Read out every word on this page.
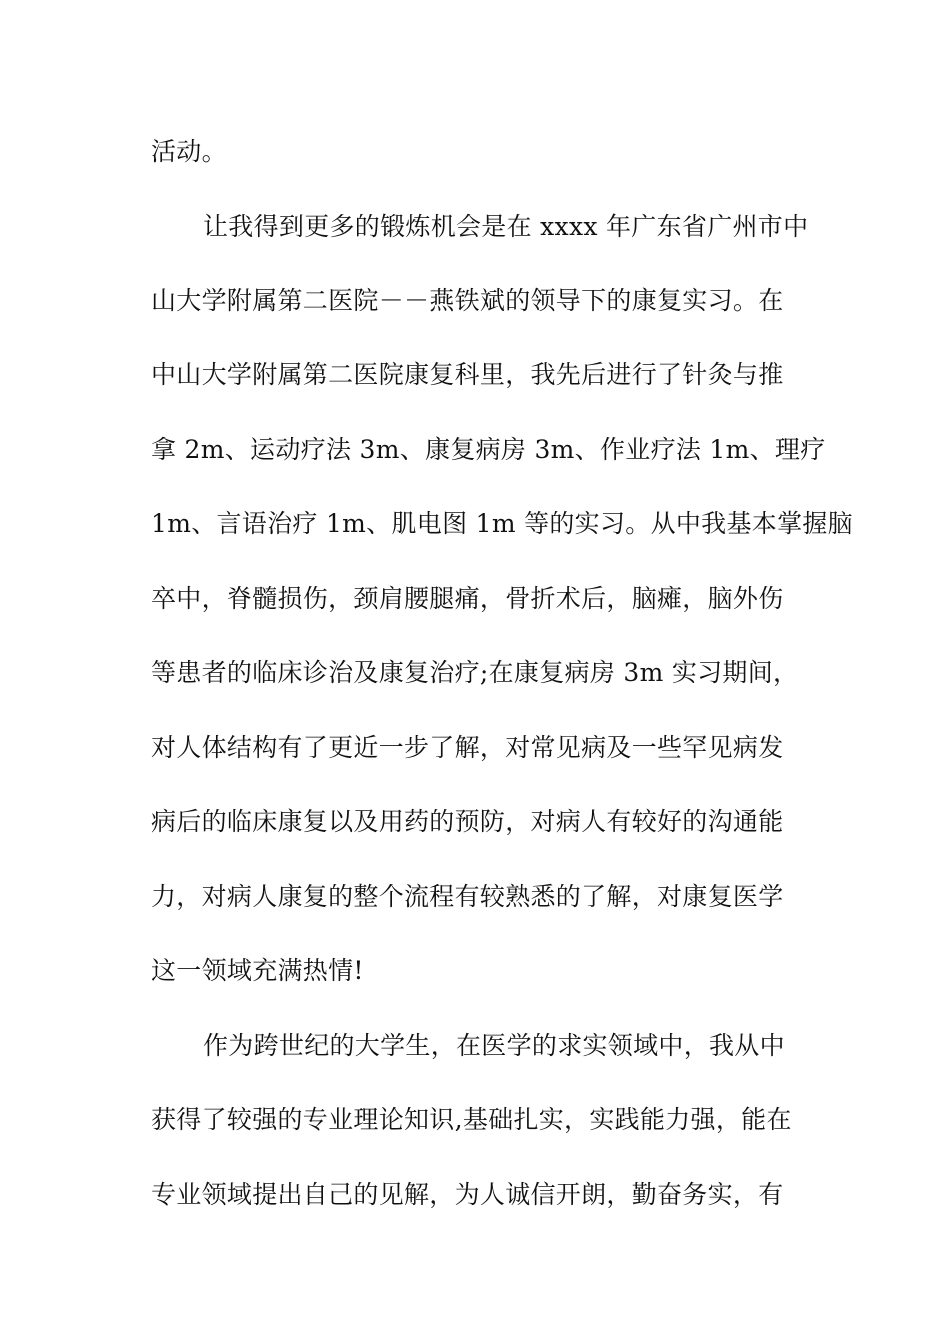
活动。
让我得到更多的锻炼机会是在 xxxx 年广东省广州市中
山大学附属第二医院－－燕铁斌的领导下的康复实习。在
中山大学附属第二医院康复科里，我先后进行了针灸与推
拿 2m、运动疗法 3m、康复病房 3m、作业疗法 1m、理疗
1m、言语治疗 1m、肌电图 1m 等的实习。从中我基本掌握脑
卒中，脊髓损伤，颈肩腰腿痛，骨折术后，脑瘫，脑外伤
等患者的临床诊治及康复治疗;在康复病房 3m 实习期间，
对人体结构有了更近一步了解，对常见病及一些罕见病发
病后的临床康复以及用药的预防，对病人有较好的沟通能
力，对病人康复的整个流程有较熟悉的了解，对康复医学
这一领域充满热情!
作为跨世纪的大学生，在医学的求实领域中，我从中
获得了较强的专业理论知识,基础扎实，实践能力强，能在
专业领域提出自己的见解，为人诚信开朗，勤奋务实，有
